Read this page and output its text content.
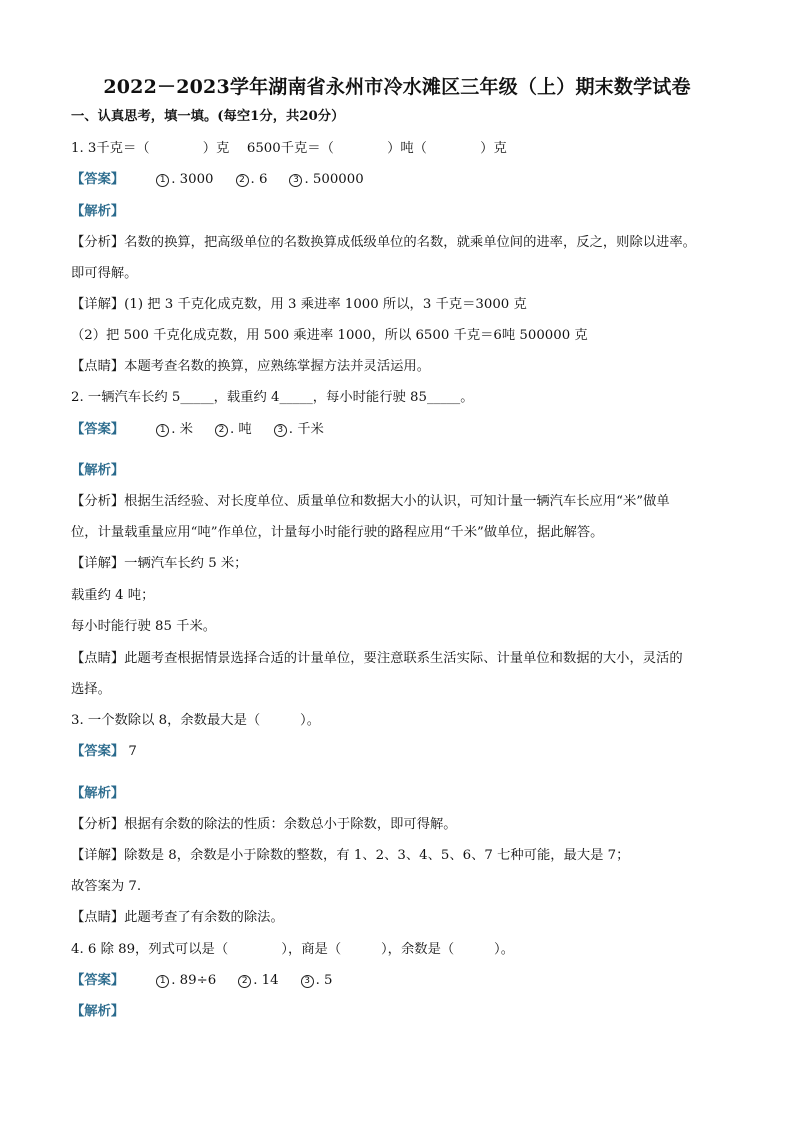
2022－2023学年湖南省永州市冷水滩区三年级（上）期末数学试卷
一、认真思考，填一填。(每空1分，共20分）
1. 3千克＝（　　　　）克　 6500千克＝（　　　　）吨（　　　　）克
【答案】	1 . 3000	2 . 6	3 . 500000
【解析】
【分析】名数的换算，把高级单位的名数换算成低级单位的名数，就乘单位间的进率，反之，则除以进率。
即可得解。
【详解】(1) 把 3 千克化成克数，用 3 乘进率 1000 所以，3 千克＝3000 克
（2）把 500 千克化成克数，用 500 乘进率 1000，所以 6500 千克＝6吨 500000 克
【点睛】本题考查名数的换算，应熟练掌握方法并灵活运用。
2. 一辆汽车长约 5_____，载重约 4_____，每小时能行驶 85_____。
【答案】	1 . 米	2 . 吨	3 . 千米
【解析】
【分析】根据生活经验、对长度单位、质量单位和数据大小的认识，可知计量一辆汽车长应用“米”做单
位，计量载重量应用“吨”作单位，计量每小时能行驶的路程应用“千米”做单位，据此解答。
【详解】一辆汽车长约 5 米；
载重约 4 吨；
每小时能行驶 85 千米。
【点睛】此题考查根据情景选择合适的计量单位，要注意联系生活实际、计量单位和数据的大小，灵活的
选择。
3. 一个数除以 8，余数最大是（　　　）。
【答案】 7
【解析】
【分析】根据有余数的除法的性质：余数总小于除数，即可得解。
【详解】除数是 8，余数是小于除数的整数，有 1、2、3、4、5、6、7 七种可能，最大是 7；
故答案为 7.
【点睛】此题考查了有余数的除法。
4. 6 除 89，列式可以是（　　　　），商是（　　　），余数是（　　　）。
【答案】	1 . 89÷6	2 . 14	3 . 5
【解析】
